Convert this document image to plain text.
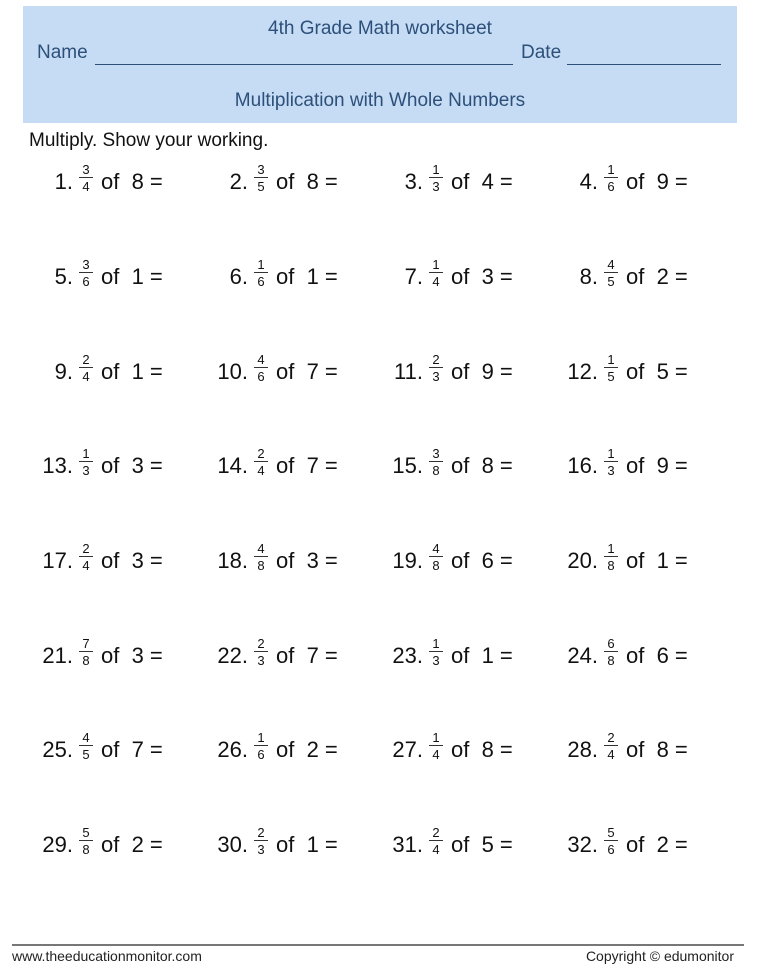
4th Grade Math worksheet
Name	Date
Multiplication with Whole Numbers
Multiply. Show your working.
1. $\frac{3}{4}$ of  8 =	2. $\frac{3}{5}$ of  8 =	3. $\frac{1}{3}$ of  4 =	4. $\frac{1}{6}$ of  9 =
5. $\frac{3}{6}$ of  1 =	6. $\frac{1}{6}$ of  1 =	7. $\frac{1}{4}$ of  3 =	8. $\frac{4}{5}$ of  2 =
9. $\frac{2}{4}$ of  1 = 10. $\frac{4}{6}$ of  7 =	11. $\frac{2}{3}$ of  9 = 12. $\frac{1}{5}$ of  5 =
13. $\frac{1}{3}$ of  3 = 14. $\frac{2}{4}$ of  7 = 15. $\frac{3}{8}$ of  8 = 16. $\frac{1}{3}$ of  9 =
17. $\frac{2}{4}$ of  3 = 18. $\frac{4}{8}$ of  3 = 19. $\frac{4}{8}$ of  6 = 20. $\frac{1}{8}$ of  1 =
21. $\frac{7}{8}$ of  3 = 22. $\frac{2}{3}$ of  7 = 23. $\frac{1}{3}$ of  1 = 24. $\frac{6}{8}$ of  6 =
25. $\frac{4}{5}$ of  7 = 26. $\frac{1}{6}$ of  2 = 27. $\frac{1}{4}$ of  8 = 28. $\frac{2}{4}$ of  8 =
29. $\frac{5}{8}$ of  2 = 30. $\frac{2}{3}$ of  1 = 31. $\frac{2}{4}$ of  5 = 32. $\frac{5}{6}$ of  2 =
www.theeducationmonitor.com	Copyright © edumonitor
